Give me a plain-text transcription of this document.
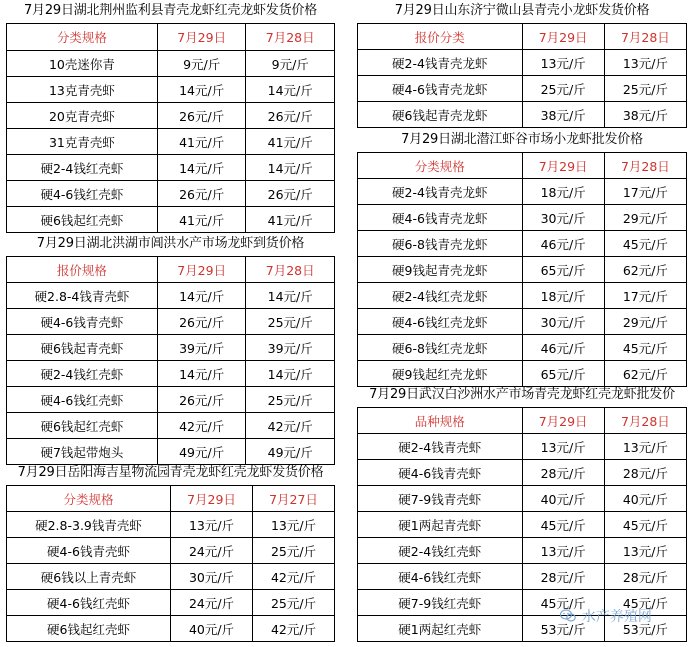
7月29日湖北荆州监利县青壳龙虾红壳龙虾发货价格
分类规格	7月29日	7月28日
10壳迷你青	9元/斤	9元/斤
13克青壳虾	14元/斤	14元/斤
20克青壳虾	26元/斤	26元/斤
31克青壳虾	41元/斤	41元/斤
硬2-4钱红壳虾	14元/斤	14元/斤
硬4-6钱红壳虾	26元/斤	26元/斤
硬6钱起红壳虾	41元/斤	41元/斤
7月29日湖北洪湖市阊洪水产市场龙虾到货价格
报价规格	7月29日	7月28日
硬2.8-4钱青壳虾	14元/斤	14元/斤
硬4-6钱青壳虾	26元/斤	25元/斤
硬6钱起青壳虾	39元/斤	39元/斤
硬2-4钱红壳虾	14元/斤	14元/斤
硬4-6钱红壳虾	26元/斤	25元/斤
硬6钱起红壳虾	42元/斤	42元/斤
硬7钱起带炮头	49元/斤	49元/斤
7月29日岳阳海吉星物流园青壳龙虾红壳龙虾发货价格
分类规格	7月29日	7月27日
硬2.8-3.9钱青壳虾	13元/斤	13元/斤
硬4-6钱青壳虾	24元/斤	25元/斤
硬6钱以上青壳虾	30元/斤	42元/斤
硬4-6钱红壳虾	24元/斤	25元/斤
硬6钱起红壳虾	40元/斤	42元/斤
7月29日山东济宁微山县青壳小龙虾发货价格
报价分类	7月29日	7月28日
硬2-4钱青壳龙虾	13元/斤	13元/斤
硬4-6钱青壳龙虾	25元/斤	25元/斤
硬6钱起青壳龙虾	38元/斤	38元/斤
7月29日湖北潜江虾谷市场小龙虾批发价格
分类规格	7月29日	7月28日
硬2-4钱青壳龙虾	18元/斤	17元/斤
硬4-6钱青壳龙虾	30元/斤	29元/斤
硬6-8钱青壳龙虾	46元/斤	45元/斤
硬9钱起青壳龙虾	65元/斤	62元/斤
硬2-4钱红壳龙虾	18元/斤	17元/斤
硬4-6钱红壳龙虾	30元/斤	29元/斤
硬6-8钱红壳龙虾	46元/斤	45元/斤
硬9钱起红壳龙虾	65元/斤	62元/斤
7月29日武汉白沙洲水产市场青壳龙虾红壳龙虾批发价
品种规格	7月29日	7月28日
硬2-4钱青壳虾	13元/斤	13元/斤
硬4-6钱青壳虾	28元/斤	28元/斤
硬7-9钱青壳虾	40元/斤	40元/斤
硬1两起青壳虾	45元/斤	45元/斤
硬2-4钱红壳虾	13元/斤	13元/斤
硬4-6钱红壳虾	28元/斤	28元/斤
硬7-9钱红壳虾	45元/斤	45元/斤
硬1两起红壳虾	53元/斤	53元/斤
水产养殖网
